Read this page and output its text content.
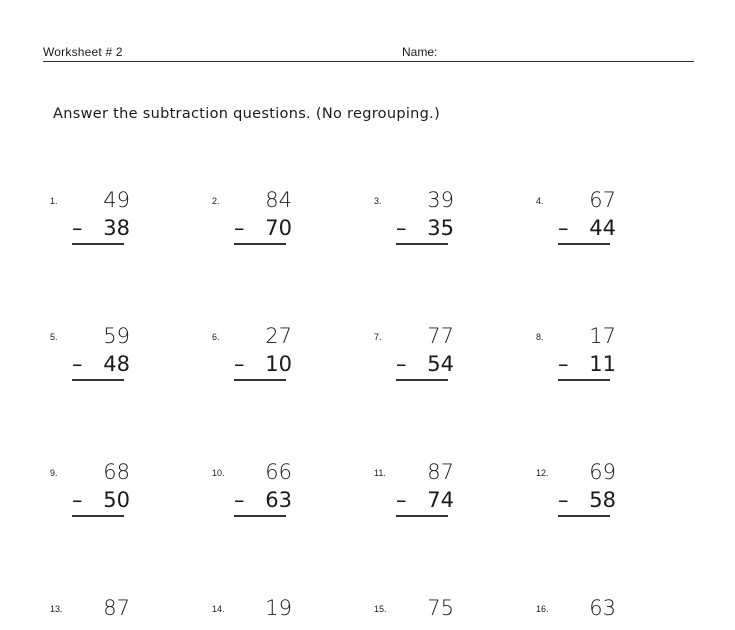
Worksheet # 2	Name:
Answer the subtraction questions. (No regrouping.)
1. 49
– 38
2. 84
– 70
3. 39
– 35
4. 67
– 44
5. 59
– 48
6. 27
– 10
7. 77
– 54
8. 17
– 11
9. 68
– 50
10. 66
– 63
11. 87
– 74
12. 69
– 58
13. 87	14. 19	15. 75	16. 63
